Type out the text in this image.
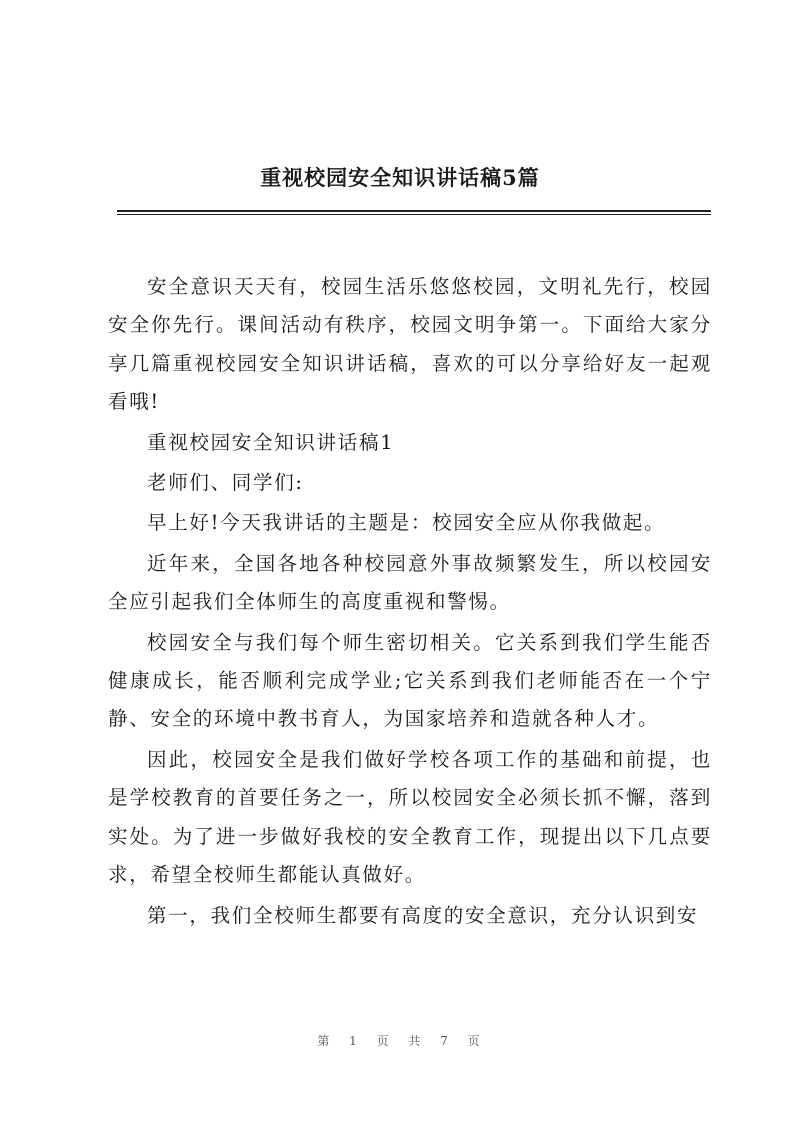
重视校园安全知识讲话稿5篇

安全意识天天有，校园生活乐悠悠校园，文明礼先行，校园安全你先行。课间活动有秩序，校园文明争第一。下面给大家分享几篇重视校园安全知识讲话稿，喜欢的可以分享给好友一起观看哦!

重视校园安全知识讲话稿1

老师们、同学们:

早上好!今天我讲话的主题是：校园安全应从你我做起。

近年来，全国各地各种校园意外事故频繁发生，所以校园安全应引起我们全体师生的高度重视和警惕。

校园安全与我们每个师生密切相关。它关系到我们学生能否健康成长，能否顺利完成学业;它关系到我们老师能否在一个宁静、安全的环境中教书育人，为国家培养和造就各种人才。

因此，校园安全是我们做好学校各项工作的基础和前提，也是学校教育的首要任务之一，所以校园安全必须长抓不懈，落到实处。为了进一步做好我校的安全教育工作，现提出以下几点要求，希望全校师生都能认真做好。

第一，我们全校师生都要有高度的安全意识，充分认识到安

第 1 页 共 7 页
